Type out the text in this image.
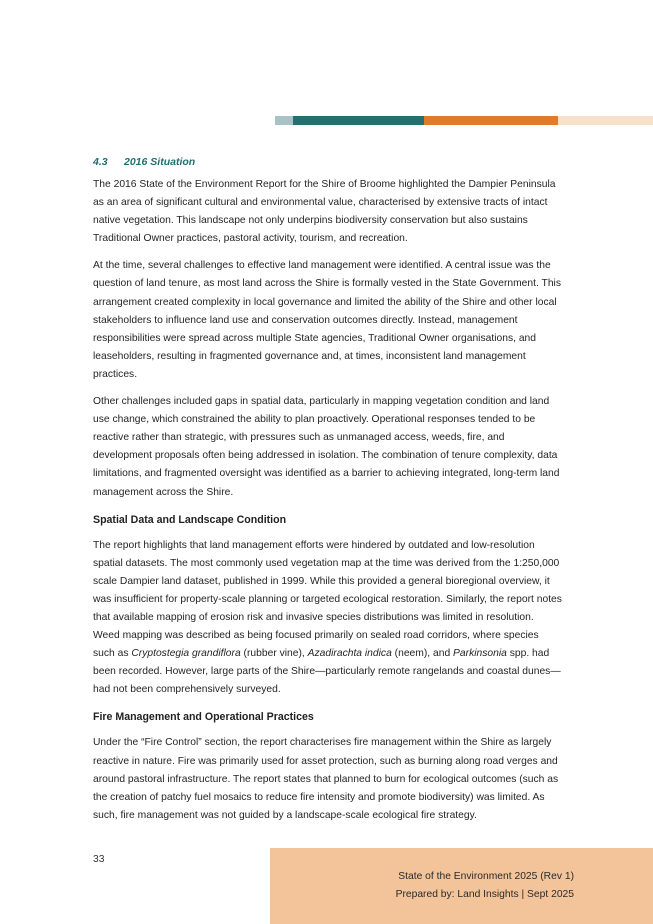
4.3 2016 Situation

The 2016 State of the Environment Report for the Shire of Broome highlighted the Dampier Peninsula as an area of significant cultural and environmental value, characterised by extensive tracts of intact native vegetation. This landscape not only underpins biodiversity conservation but also sustains Traditional Owner practices, pastoral activity, tourism, and recreation.

At the time, several challenges to effective land management were identified. A central issue was the question of land tenure, as most land across the Shire is formally vested in the State Government. This arrangement created complexity in local governance and limited the ability of the Shire and other local stakeholders to influence land use and conservation outcomes directly. Instead, management responsibilities were spread across multiple State agencies, Traditional Owner organisations, and leaseholders, resulting in fragmented governance and, at times, inconsistent land management practices.

Other challenges included gaps in spatial data, particularly in mapping vegetation condition and land use change, which constrained the ability to plan proactively. Operational responses tended to be reactive rather than strategic, with pressures such as unmanaged access, weeds, fire, and development proposals often being addressed in isolation. The combination of tenure complexity, data limitations, and fragmented oversight was identified as a barrier to achieving integrated, long-term land management across the Shire.

Spatial Data and Landscape Condition

The report highlights that land management efforts were hindered by outdated and low-resolution spatial datasets. The most commonly used vegetation map at the time was derived from the 1:250,000 scale Dampier land dataset, published in 1999. While this provided a general bioregional overview, it was insufficient for property-scale planning or targeted ecological restoration. Similarly, the report notes that available mapping of erosion risk and invasive species distributions was limited in resolution. Weed mapping was described as being focused primarily on sealed road corridors, where species such as Cryptostegia grandiflora (rubber vine), Azadirachta indica (neem), and Parkinsonia spp. had been recorded. However, large parts of the Shire—particularly remote rangelands and coastal dunes—had not been comprehensively surveyed.

Fire Management and Operational Practices

Under the “Fire Control” section, the report characterises fire management within the Shire as largely reactive in nature. Fire was primarily used for asset protection, such as burning along road verges and around pastoral infrastructure. The report states that planned to burn for ecological outcomes (such as the creation of patchy fuel mosaics to reduce fire intensity and promote biodiversity) was limited. As such, fire management was not guided by a landscape-scale ecological fire strategy.

33
State of the Environment 2025 (Rev 1)
Prepared by: Land Insights | Sept 2025
